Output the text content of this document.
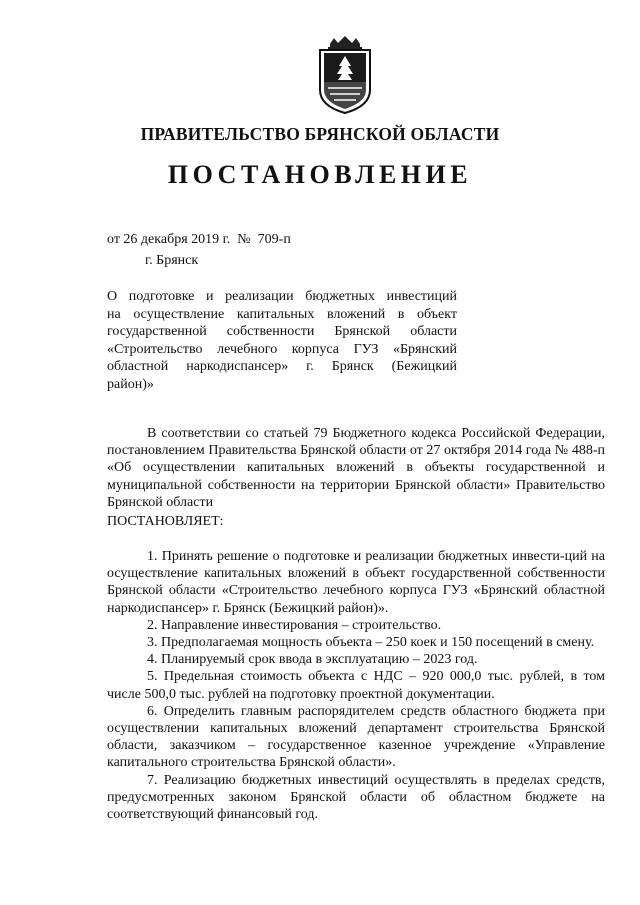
ПРАВИТЕЛЬСТВО БРЯНСКОЙ ОБЛАСТИ
ПОСТАНОВЛЕНИЕ
от 26 декабря 2019 г.  №  709-п
г. Брянск
О подготовке и реализации бюджетных инвестиций
на осуществление капитальных вложений в объект
государственной собственности Брянской области
«Строительство лечебного корпуса ГУЗ «Брянский
областной наркодиспансер» г. Брянск (Бежицкий
район)»

В соответствии со статьей 79 Бюджетного кодекса Российской Федерации, постановлением Правительства Брянской области от 27 октября 2014 года № 488-п «Об осуществлении капитальных вложений в объекты государственной и муниципальной собственности на территории Брянской области» Правительство Брянской области

ПОСТАНОВЛЯЕТ:

1. Принять решение о подготовке и реализации бюджетных инвести-ций на осуществление капитальных вложений в объект государственной собственности Брянской области «Строительство лечебного корпуса ГУЗ «Брянский областной наркодиспансер» г. Брянск (Бежицкий район)».

2. Направление инвестирования – строительство.

3. Предполагаемая мощность объекта – 250 коек и 150 посещений в смену.

4. Планируемый срок ввода в эксплуатацию – 2023 год.

5. Предельная стоимость объекта с НДС – 920 000,0 тыс. рублей, в том числе 500,0 тыс. рублей на подготовку проектной документации.

6. Определить главным распорядителем средств областного бюджета при осуществлении капитальных вложений департамент строительства Брянской области, заказчиком – государственное казенное учреждение «Управление капитального строительства Брянской области».

7. Реализацию бюджетных инвестиций осуществлять в пределах средств, предусмотренных законом Брянской области об областном бюджете на соответствующий финансовый год.
